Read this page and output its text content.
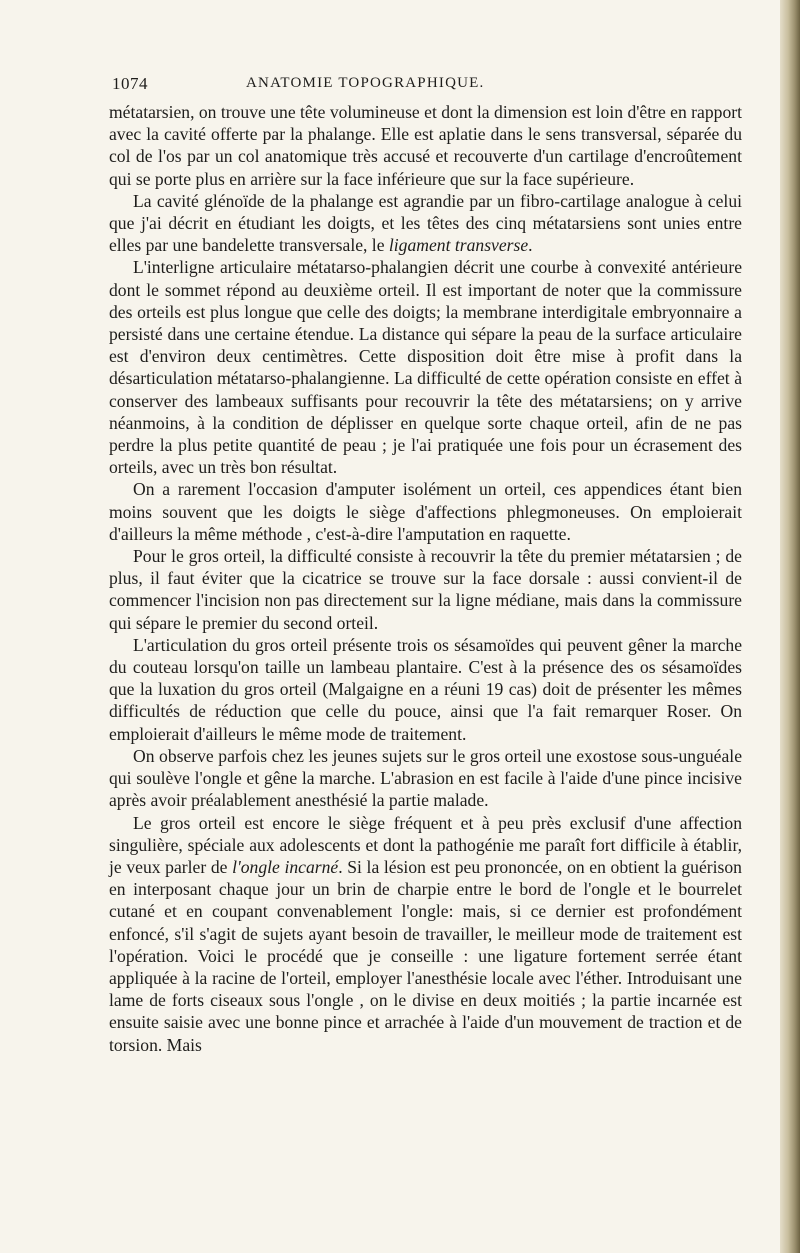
1074	ANATOMIE TOPOGRAPHIQUE.

métatarsien, on trouve une tête volumineuse et dont la dimension est loin d'être en rapport avec la cavité offerte par la phalange. Elle est aplatie dans le sens transversal, séparée du col de l'os par un col anatomique très accusé et recouverte d'un cartilage d'encroûtement qui se porte plus en arrière sur la face inférieure que sur la face supérieure.

La cavité glénoïde de la phalange est agrandie par un fibro-cartilage analogue à celui que j'ai décrit en étudiant les doigts, et les têtes des cinq métatarsiens sont unies entre elles par une bandelette transversale, le ligament transverse.

L'interligne articulaire métatarso-phalangien décrit une courbe à convexité antérieure dont le sommet répond au deuxième orteil. Il est important de noter que la commissure des orteils est plus longue que celle des doigts; la membrane interdigitale embryonnaire a persisté dans une certaine étendue. La distance qui sépare la peau de la surface articulaire est d'environ deux centimètres. Cette disposition doit être mise à profit dans la désarticulation métatarso-phalangienne. La difficulté de cette opération consiste en effet à conserver des lambeaux suffisants pour recouvrir la tête des métatarsiens; on y arrive néanmoins, à la condition de déplisser en quelque sorte chaque orteil, afin de ne pas perdre la plus petite quantité de peau ; je l'ai pratiquée une fois pour un écrasement des orteils, avec un très bon résultat.

On a rarement l'occasion d'amputer isolément un orteil, ces appendices étant bien moins souvent que les doigts le siège d'affections phlegmoneuses. On emploierait d'ailleurs la même méthode , c'est-à-dire l'amputation en raquette.

Pour le gros orteil, la difficulté consiste à recouvrir la tête du premier métatarsien ; de plus, il faut éviter que la cicatrice se trouve sur la face dorsale : aussi convient-il de commencer l'incision non pas directement sur la ligne médiane, mais dans la commissure qui sépare le premier du second orteil.

L'articulation du gros orteil présente trois os sésamoïdes qui peuvent gêner la marche du couteau lorsqu'on taille un lambeau plantaire. C'est à la présence des os sésamoïdes que la luxation du gros orteil (Malgaigne en a réuni 19 cas) doit de présenter les mêmes difficultés de réduction que celle du pouce, ainsi que l'a fait remarquer Roser. On emploierait d'ailleurs le même mode de traitement.

On observe parfois chez les jeunes sujets sur le gros orteil une exostose sous-unguéale qui soulève l'ongle et gêne la marche. L'abrasion en est facile à l'aide d'une pince incisive après avoir préalablement anesthésié la partie malade.

Le gros orteil est encore le siège fréquent et à peu près exclusif d'une affection singulière, spéciale aux adolescents et dont la pathogénie me paraît fort difficile à établir, je veux parler de l'ongle incarné. Si la lésion est peu prononcée, on en obtient la guérison en interposant chaque jour un brin de charpie entre le bord de l'ongle et le bourrelet cutané et en coupant convenablement l'ongle: mais, si ce dernier est profondément enfoncé, s'il s'agit de sujets ayant besoin de travailler, le meilleur mode de traitement est l'opération. Voici le procédé que je conseille : une ligature fortement serrée étant appliquée à la racine de l'orteil, employer l'anesthésie locale avec l'éther. Introduisant une lame de forts ciseaux sous l'ongle , on le divise en deux moitiés ; la partie incarnée est ensuite saisie avec une bonne pince et arrachée à l'aide d'un mouvement de traction et de torsion. Mais
